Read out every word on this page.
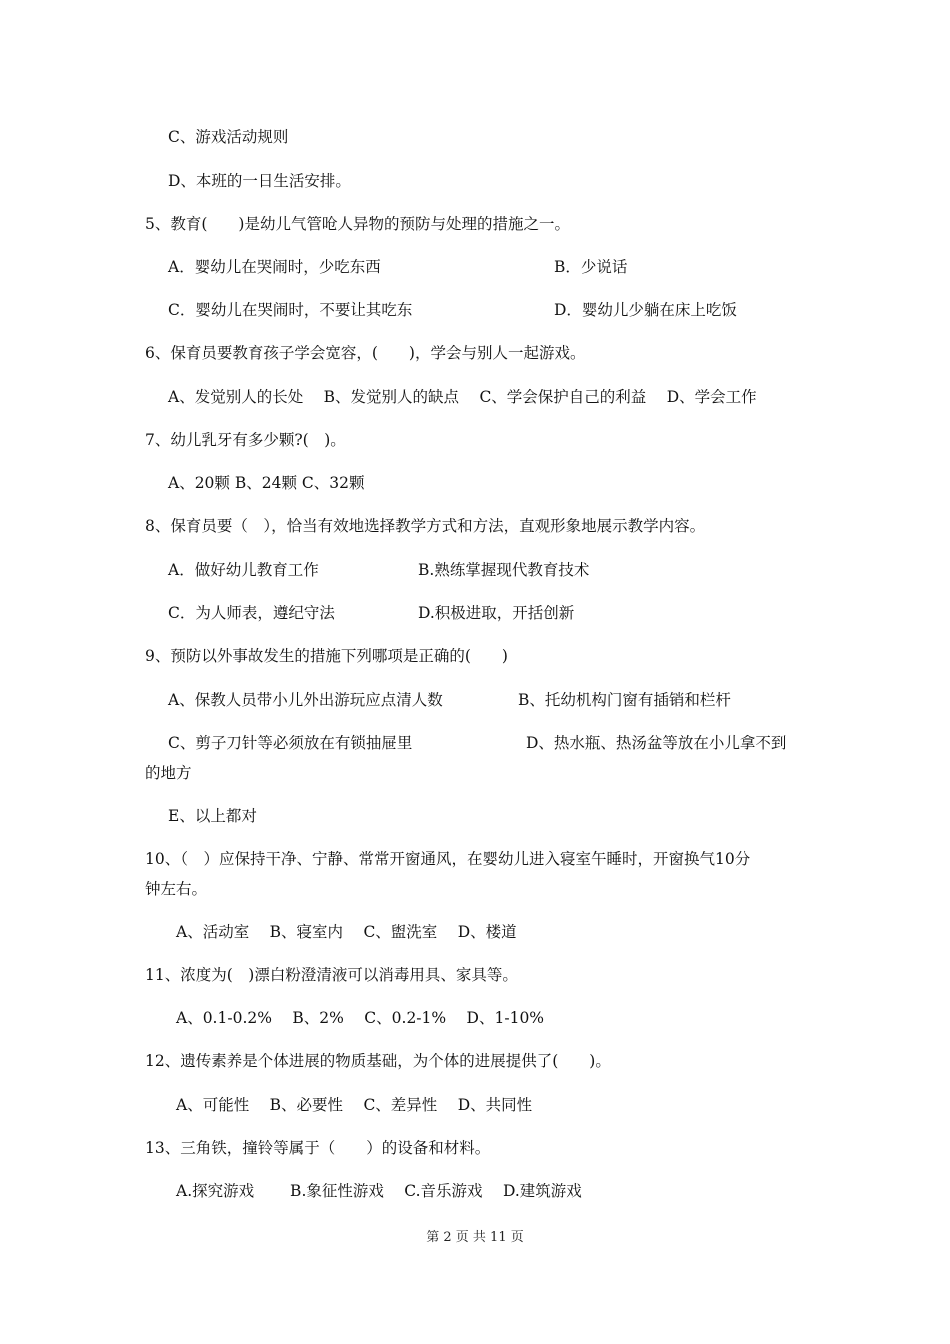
C、游戏活动规则
D、本班的一日生活安排。
5、教育(　　)是幼儿气管呛人异物的预防与处理的措施之一。
A．婴幼儿在哭闹时，少吃东西	B．少说话
C．婴幼儿在哭闹时，不要让其吃东	D．婴幼儿少躺在床上吃饭
6、保育员要教育孩子学会宽容，(　　)，学会与别人一起游戏。
A、发觉别人的长处　 B、发觉别人的缺点　 C、学会保护自己的利益　 D、学会工作
7、幼儿乳牙有多少颗?(　)。
A、20颗 B、24颗 C、32颗
8、保育员要（　），恰当有效地选择教学方式和方法，直观形象地展示教学内容。
A．做好幼儿教育工作	B.熟练掌握现代教育技术
C．为人师表，遵纪守法	D.积极进取，开括创新
9、预防以外事故发生的措施下列哪项是正确的(　　)
A、保教人员带小儿外出游玩应点清人数	B、托幼机构门窗有插销和栏杆
C、剪子刀针等必须放在有锁抽屉里	D、热水瓶、热汤盆等放在小儿拿不到
的地方
E、以上都对
10、（　）应保持干净、宁静、常常开窗通风，在婴幼儿进入寝室午睡时，开窗换气10分
钟左右。
A、活动室　 B、寝室内　 C、盥洗室　 D、楼道
11、浓度为(　)漂白粉澄清液可以消毒用具、家具等。
A、0.1-0.2%　 B、2%　 C、0.2-1%　 D、1-10%
12、遗传素养是个体进展的物质基础，为个体的进展提供了(　　)。
A、可能性　 B、必要性　 C、差异性　 D、共同性
13、三角铁，撞铃等属于（　　）的设备和材料。
A.探究游戏　　 B.象征性游戏　 C.音乐游戏　 D.建筑游戏
第 2 页 共 11 页
